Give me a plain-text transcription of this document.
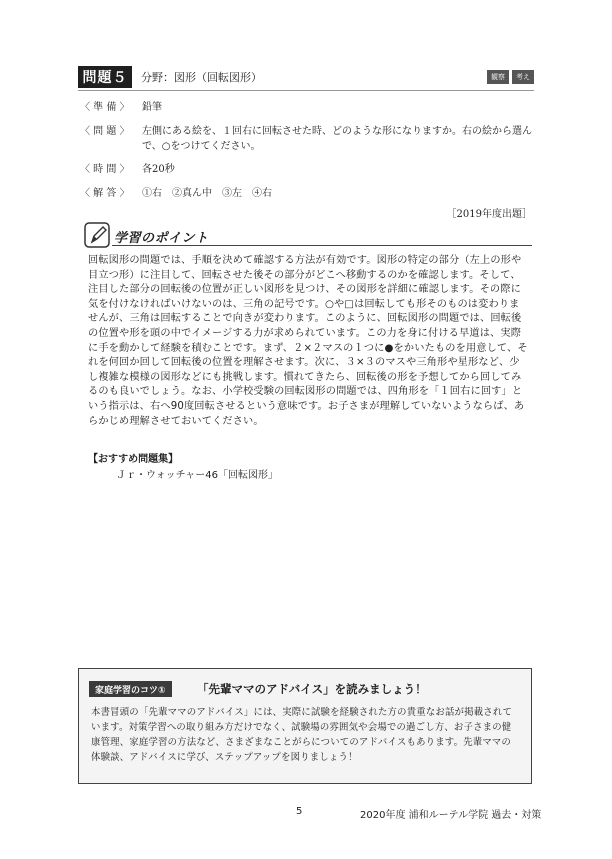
問題５	分野：図形（回転図形）	観察	考え
〈 準 備 〉	鉛筆
〈 問 題 〉	左側にある絵を、１回右に回転させた時、どのような形になりますか。右の絵から選んで、○をつけてください。
〈 時 間 〉	各20秒
〈 解 答 〉	①右　②真ん中　③左　④右
［2019年度出題］
学習のポイント

回転図形の問題では、手順を決めて確認する方法が有効です。図形の特定の部分（左上の形や目立つ形）に注目して、回転させた後その部分がどこへ移動するのかを確認します。そして、注目した部分の回転後の位置が正しい図形を見つけ、その図形を詳細に確認します。その際に気を付けなければいけないのは、三角の記号です。○や□は回転しても形そのものは変わりませんが、三角は回転することで向きが変わります。このように、回転図形の問題では、回転後の位置や形を頭の中でイメージする力が求められています。この力を身に付ける早道は、実際に手を動かして経験を積むことです。まず、２×２マスの１つに●をかいたものを用意して、それを何回か回して回転後の位置を理解させます。次に、３×３のマスや三角形や星形など、少し複雑な模様の図形などにも挑戦します。慣れてきたら、回転後の形を予想してから回してみるのも良いでしょう。なお、小学校受験の回転図形の問題では、四角形を「１回右に回す」という指示は、右へ90度回転させるという意味です。お子さまが理解していないようならば、あらかじめ理解させておいてください。

【おすすめ問題集】
Ｊｒ・ウォッチャー46「回転図形」
家庭学習のコツ①	「先輩ママのアドバイス」を読みましょう！
本書冒頭の「先輩ママのアドバイス」には、実際に試験を経験された方の貴重なお話が掲載されています。対策学習への取り組み方だけでなく、試験場の雰囲気や会場での過ごし方、お子さまの健康管理、家庭学習の方法など、さまざまなことがらについてのアドバイスもあります。先輩ママの体験談、アドバイスに学び、ステップアップを図りましょう！
5	2020年度 浦和ルーテル学院 過去・対策
